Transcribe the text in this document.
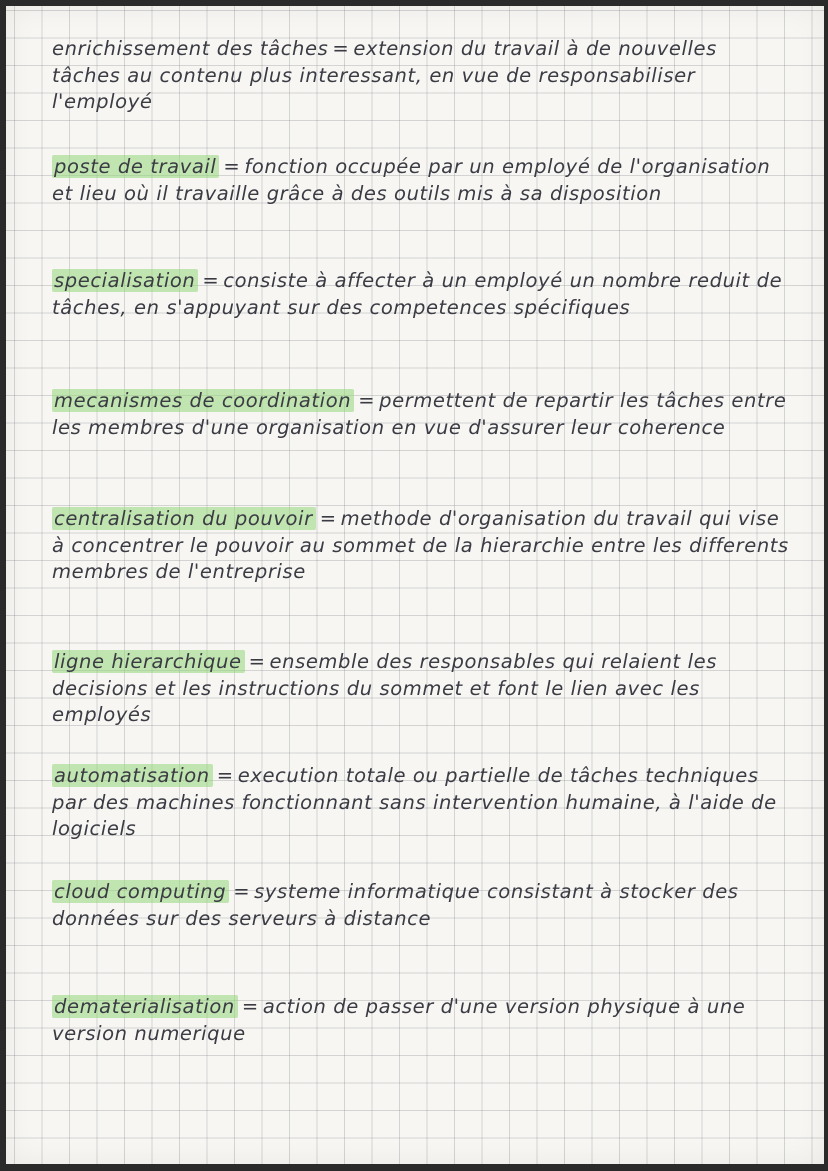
enrichissement des tâches = extension du travail à de nouvelles tâches au contenu plus interessant, en vue de responsabiliser l'employé

poste de travail = fonction occupée par un employé de l'organisation et lieu où il travaille grâce à des outils mis à sa disposition

specialisation = consiste à affecter à un employé un nombre reduit de tâches, en s'appuyant sur des competences spécifiques

mecanismes de coordination = permettent de repartir les tâches entre les membres d'une organisation en vue d'assurer leur coherence

centralisation du pouvoir = methode d'organisation du travail qui vise à concentrer le pouvoir au sommet de la hierarchie entre les differents membres de l'entreprise

ligne hierarchique = ensemble des responsables qui relaient les decisions et les instructions du sommet et font le lien avec les employés

automatisation = execution totale ou partielle de tâches techniques par des machines fonctionnant sans intervention humaine, à l'aide de logiciels

cloud computing = systeme informatique consistant à stocker des données sur des serveurs à distance

dematerialisation = action de passer d'une version physique à une version numerique
